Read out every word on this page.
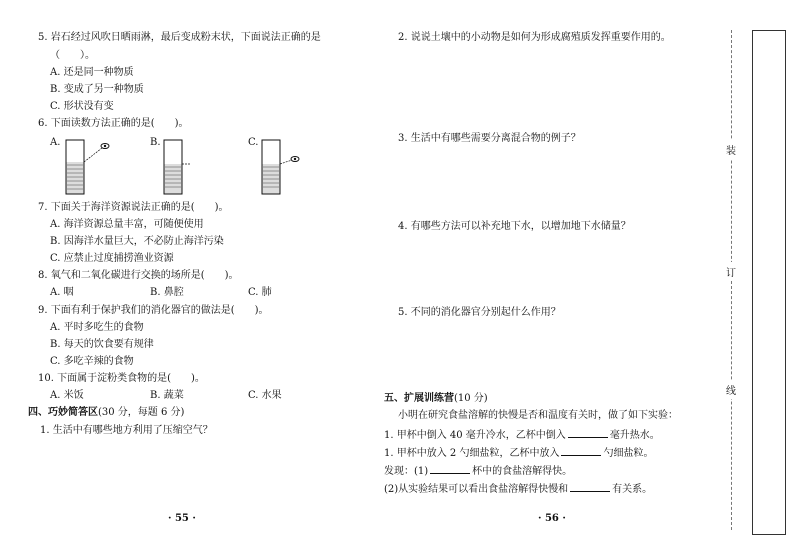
5. 岩石经过风吹日晒雨淋，最后变成粉末状，下面说法正确的是
（　　）。
A. 还是同一种物质
B. 变成了另一种物质
C. 形状没有变
6. 下面读数方法正确的是(　　)。
A.	B.	C.
7. 下面关于海洋资源说法正确的是(　　)。
A. 海洋资源总量丰富，可随便使用
B. 因海洋水量巨大，不必防止海洋污染
C. 应禁止过度捕捞渔业资源
8. 氧气和二氧化碳进行交换的场所是(　　)。
A. 咽	B. 鼻腔	C. 肺
9. 下面有利于保护我们的消化器官的做法是(　　)。
A. 平时多吃生的食物
B. 每天的饮食要有规律
C. 多吃辛辣的食物
10. 下面属于淀粉类食物的是(　　)。
A. 米饭	B. 蔬菜	C. 水果
四、巧妙简答区(30 分，每题 6 分)
1. 生活中有哪些地方利用了压缩空气？
· 55 ·
2. 说说土壤中的小动物是如何为形成腐殖质发挥重要作用的。
3. 生活中有哪些需要分离混合物的例子？
4. 有哪些方法可以补充地下水，以增加地下水储量？
5. 不同的消化器官分别起什么作用？
五、扩展训练营(10 分)
小明在研究食盐溶解的快慢是否和温度有关时，做了如下实验：
1. 甲杯中倒入 40 毫升冷水，乙杯中倒入	毫升热水。
1. 甲杯中放入 2 勺细盐粒，乙杯中放入	勺细盐粒。
发现：(1)	杯中的食盐溶解得快。
(2)从实验结果可以看出食盐溶解得快慢和	有关系。
· 56 ·
装
订
线
